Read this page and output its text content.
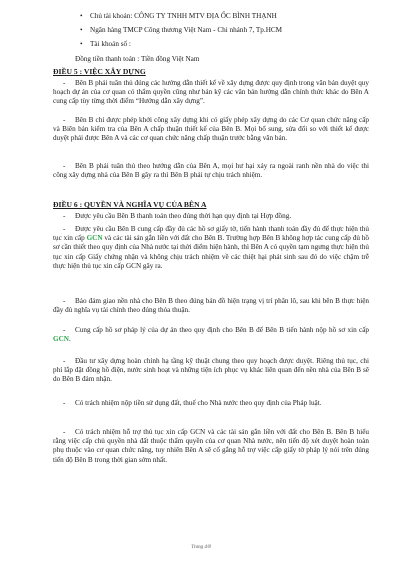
• Chủ tài khoản: CÔNG TY TNHH MTV ĐỊA ỐC BÌNH THẠNH
• Ngân hàng TMCP Công thương Việt Nam - Chi nhánh 7, Tp.HCM
• Tài khoản số :
Đồng tiền thanh toán : Tiền đồng Việt Nam
ĐIỀU 5 : VIỆC XÂY DỰNG

- Bên B phải tuân thủ đúng các hướng dẫn thiết kế về xây dựng được quy định trong văn bản duyệt quy hoạch dự án của cơ quan có thẩm quyền cũng như bản kỹ các văn bản hướng dẫn chính thức khác do Bên A cung cấp tùy từng thời điểm “Hướng dẫn xây dựng”.

- Bên B chỉ được phép khởi công xây dựng khi có giấy phép xây dựng do các Cơ quan chức năng cấp và Biên bản kiểm tra của Bên A chấp thuận thiết kế của Bên B. Mọi bổ sung, sửa đổi so với thiết kế được duyệt phải được Bên A và các cơ quan chức năng chấp thuận trước bằng văn bản.

- Bên B phải tuân thủ theo hướng dẫn của Bên A, mọi hư hại xảy ra ngoài ranh nền nhà do việc thi công xây dựng nhà của Bên B gây ra thì Bên B phải tự chịu trách nhiệm.

ĐIỀU 6 : QUYỀN VÀ NGHĨA VỤ CỦA BÊN A

- Được yêu cầu Bên B thanh toán theo đúng thời hạn quy định tại Hợp đồng.

- Được yêu cầu Bên B cung cấp đầy đủ các hồ sơ giấy tờ, tiến hành thanh toán đầy đủ để thực hiện thủ tục xin cấp GCN và các tài sản gắn liền với đất cho Bên B. Trường hợp Bên B không hợp tác cung cấp đủ hồ sơ cần thiết theo quy định của Nhà nước tại thời điểm hiện hành, thì Bên A có quyền tạm ngưng thực hiện thủ tục xin cấp Giấy chứng nhận và không chịu trách nhiệm về các thiệt hại phát sinh sau đó do việc chậm trễ thực hiện thủ tục xin cấp GCN gây ra.

- Bảo đảm giao nền nhà cho Bên B theo đúng bản đồ hiện trạng vị trí phân lô, sau khi bên B thực hiện đầy đủ nghĩa vụ tài chính theo đúng thỏa thuận.

- Cung cấp hồ sơ pháp lý của dự án theo quy định cho Bên B để Bên B tiến hành nộp hồ sơ xin cấp GCN.

- Đầu tư xây dựng hoàn chỉnh hạ tầng kỹ thuật chung theo quy hoạch được duyệt. Riêng thủ tục, chi phí lắp đặt đồng hồ điện, nước sinh hoạt và những tiện ích phục vụ khác liên quan đến nền nhà của Bên B sẽ do Bên B đảm nhận.

- Có trách nhiệm nộp tiền sử dụng đất, thuế cho Nhà nước theo quy định của Pháp luật.

- Có trách nhiệm hỗ trợ thủ tục xin cấp GCN và các tài sản gắn liền với đất cho Bên B. Bên B hiểu rằng việc cấp chủ quyền nhà đất thuộc thẩm quyền của cơ quan Nhà nước, nên tiến độ xét duyệt hoàn toàn phụ thuộc vào cơ quan chức năng, tuy nhiên Bên A sẽ cố gắng hỗ trợ việc cấp giấy tờ pháp lý nói trên đúng tiến độ Bên B trong thời gian sớm nhất.

Trang 4/8
